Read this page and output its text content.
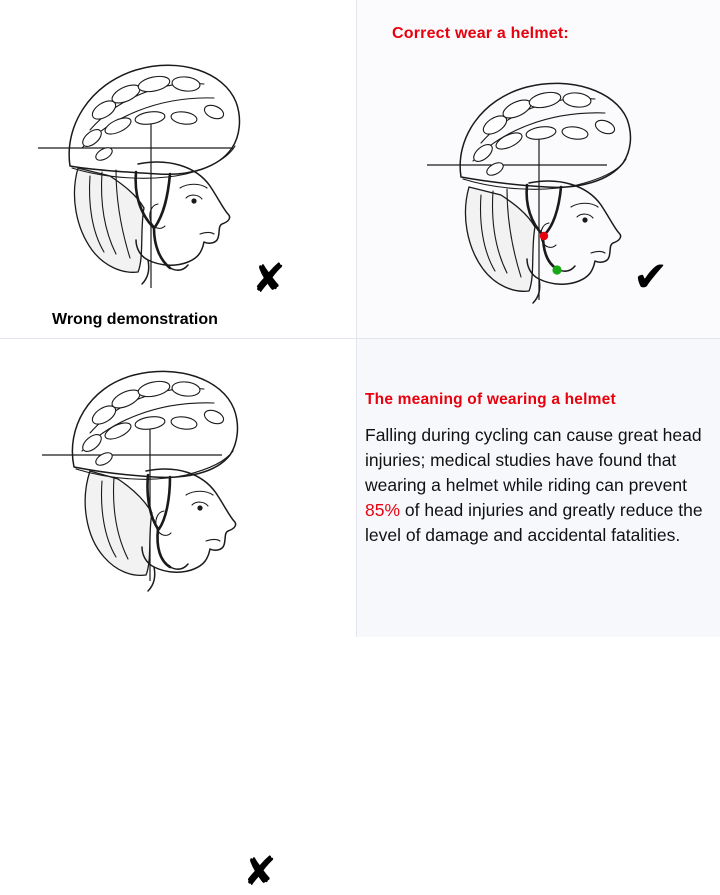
Wrong demonstration
✘
Correct wear a helmet:
✔
✘
The meaning of wearing a helmet
Falling during cycling can cause great head injuries; medical studies have found that wearing a helmet while riding can prevent 85% of head injuries and greatly reduce the level of damage and accidental fatalities.
